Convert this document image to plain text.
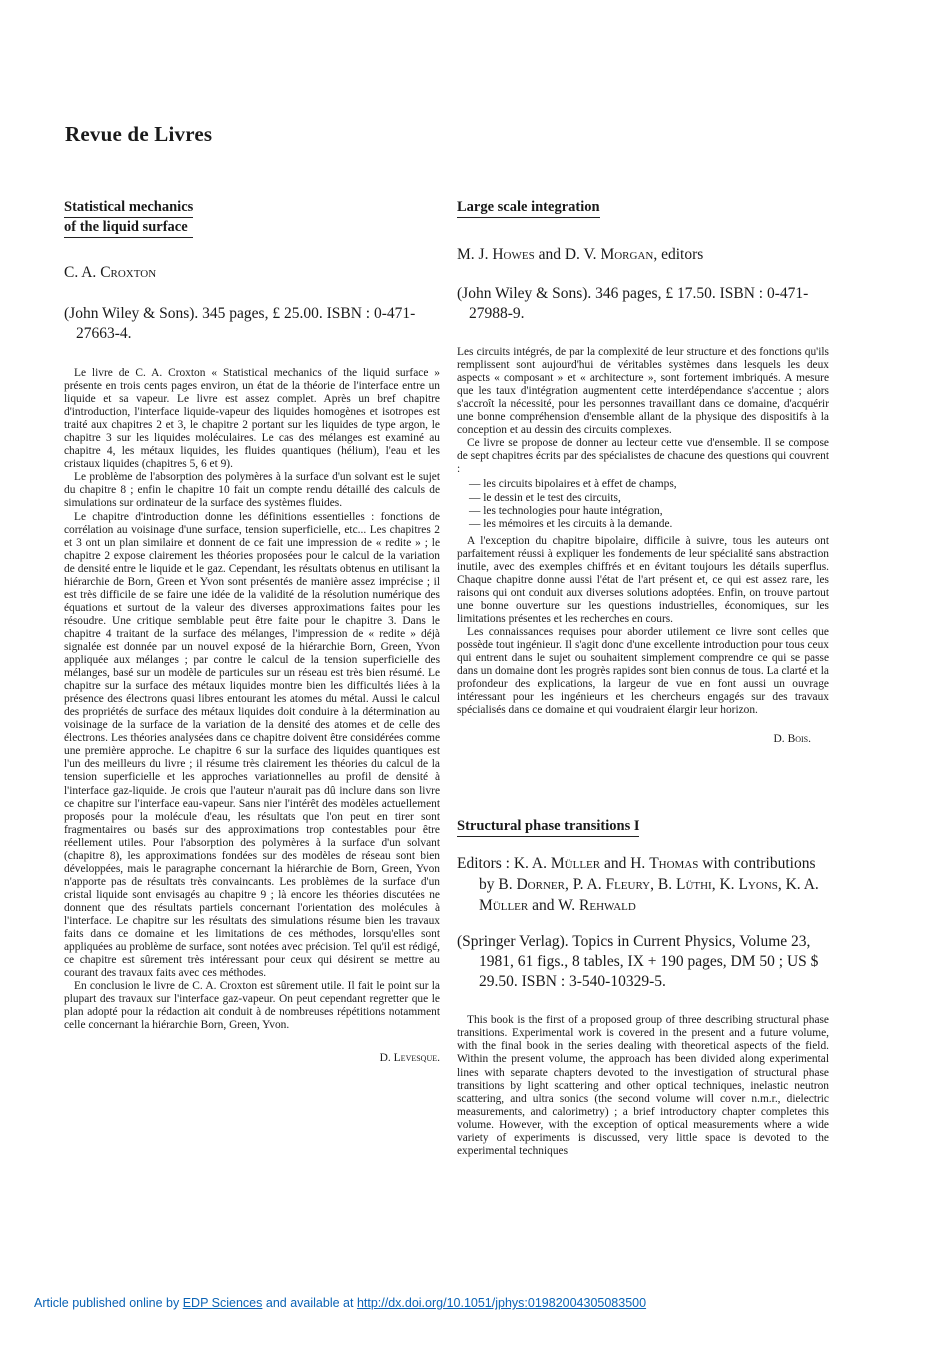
Revue de Livres
Statistical mechanics
of the liquid surface

C. A. Croxton

(John Wiley & Sons). 345 pages, £ 25.00. ISBN : 0-471-27663-4.

Le livre de C. A. Croxton « Statistical mechanics of the liquid surface » présente en trois cents pages environ, un état de la théorie de l'interface entre un liquide et sa vapeur. Le livre est assez complet. Après un bref chapitre d'introduction, l'interface liquide-vapeur des liquides homogènes et isotropes est traité aux chapitres 2 et 3, le chapitre 2 portant sur les liquides de type argon, le chapitre 3 sur les liquides moléculaires. Le cas des mélanges est examiné au chapitre 4, les métaux liquides, les fluides quantiques (hélium), l'eau et les cristaux liquides (chapitres 5, 6 et 9).

Le problème de l'absorption des polymères à la surface d'un solvant est le sujet du chapitre 8 ; enfin le chapitre 10 fait un compte rendu détaillé des calculs de simulations sur ordinateur de la surface des systèmes fluides.

Le chapitre d'introduction donne les définitions essentielles : fonctions de corrélation au voisinage d'une surface, tension superficielle, etc... Les chapitres 2 et 3 ont un plan similaire et donnent de ce fait une impression de « redite » ; le chapitre 2 expose clairement les théories proposées pour le calcul de la variation de densité entre le liquide et le gaz. Cependant, les résultats obtenus en utilisant la hiérarchie de Born, Green et Yvon sont présentés de manière assez imprécise ; il est très difficile de se faire une idée de la validité de la résolution numérique des équations et surtout de la valeur des diverses approximations faites pour les résoudre. Une critique semblable peut être faite pour le chapitre 3. Dans le chapitre 4 traitant de la surface des mélanges, l'impression de « redite » déjà signalée est donnée par un nouvel exposé de la hiérarchie Born, Green, Yvon appliquée aux mélanges ; par contre le calcul de la tension superficielle des mélanges, basé sur un modèle de particules sur un réseau est très bien résumé. Le chapitre sur la surface des métaux liquides montre bien les difficultés liées à la présence des électrons quasi libres entourant les atomes du métal. Aussi le calcul des propriétés de surface des métaux liquides doit conduire à la détermination au voisinage de la surface de la variation de la densité des atomes et de celle des électrons. Les théories analysées dans ce chapitre doivent être considérées comme une première approche. Le chapitre 6 sur la surface des liquides quantiques est l'un des meilleurs du livre ; il résume très clairement les théories du calcul de la tension superficielle et les approches variationnelles au profil de densité à l'interface gaz-liquide. Je crois que l'auteur n'aurait pas dû inclure dans son livre ce chapitre sur l'interface eau-vapeur. Sans nier l'intérêt des modèles actuellement proposés pour la molécule d'eau, les résultats que l'on peut en tirer sont fragmentaires ou basés sur des approximations trop contestables pour être réellement utiles. Pour l'absorption des polymères à la surface d'un solvant (chapitre 8), les approximations fondées sur des modèles de réseau sont bien développées, mais le paragraphe concernant la hiérarchie de Born, Green, Yvon n'apporte pas de résultats très convaincants. Les problèmes de la surface d'un cristal liquide sont envisagés au chapitre 9 ; là encore les théories discutées ne donnent que des résultats partiels concernant l'orientation des molécules à l'interface. Le chapitre sur les résultats des simulations résume bien les travaux faits dans ce domaine et les limitations de ces méthodes, lorsqu'elles sont appliquées au problème de surface, sont notées avec précision. Tel qu'il est rédigé, ce chapitre est sûrement très intéressant pour ceux qui désirent se mettre au courant des travaux faits avec ces méthodes.

En conclusion le livre de C. A. Croxton est sûrement utile. Il fait le point sur la plupart des travaux sur l'interface gaz-vapeur. On peut cependant regretter que le plan adopté pour la rédaction ait conduit à de nombreuses répétitions notamment celle concernant la hiérarchie Born, Green, Yvon.

D. Levesque.

Large scale integration

M. J. Howes and D. V. Morgan, editors

(John Wiley & Sons). 346 pages, £ 17.50. ISBN : 0-471-27988-9.

Les circuits intégrés, de par la complexité de leur structure et des fonctions qu'ils remplissent sont aujourd'hui de véritables systèmes dans lesquels les deux aspects « composant » et « architecture », sont fortement imbriqués. A mesure que les taux d'intégration augmentent cette interdépendance s'accentue ; alors s'accroît la nécessité, pour les personnes travaillant dans ce domaine, d'acquérir une bonne compréhension d'ensemble allant de la physique des dispositifs à la conception et au dessin des circuits complexes.

Ce livre se propose de donner au lecteur cette vue d'ensemble. Il se compose de sept chapitres écrits par des spécialistes de chacune des questions qui couvrent :

— les circuits bipolaires et à effet de champs,
— le dessin et le test des circuits,
— les technologies pour haute intégration,
— les mémoires et les circuits à la demande.

A l'exception du chapitre bipolaire, difficile à suivre, tous les auteurs ont parfaitement réussi à expliquer les fondements de leur spécialité sans abstraction inutile, avec des exemples chiffrés et en évitant toujours les détails superflus. Chaque chapitre donne aussi l'état de l'art présent et, ce qui est assez rare, les raisons qui ont conduit aux diverses solutions adoptées. Enfin, on trouve partout une bonne ouverture sur les questions industrielles, économiques, sur les limitations présentes et les recherches en cours.

Les connaissances requises pour aborder utilement ce livre sont celles que possède tout ingénieur. Il s'agit donc d'une excellente introduction pour tous ceux qui entrent dans le sujet ou souhaitent simplement comprendre ce qui se passe dans un domaine dont les progrès rapides sont bien connus de tous. La clarté et la profondeur des explications, la largeur de vue en font aussi un ouvrage intéressant pour les ingénieurs et les chercheurs engagés sur des travaux spécialisés dans ce domaine et qui voudraient élargir leur horizon.

D. Bois.

Structural phase transitions I

Editors : K. A. Müller and H. Thomas with contributions by B. Dorner, P. A. Fleury, B. Lüthi, K. Lyons, K. A. Müller and W. Rehwald

(Springer Verlag). Topics in Current Physics, Volume 23, 1981, 61 figs., 8 tables, IX + 190 pages, DM 50 ; US $ 29.50. ISBN : 3-540-10329-5.

This book is the first of a proposed group of three describing structural phase transitions. Experimental work is covered in the present and a future volume, with the final book in the series dealing with theoretical aspects of the field. Within the present volume, the approach has been divided along experimental lines with separate chapters devoted to the investigation of structural phase transitions by light scattering and other optical techniques, inelastic neutron scattering, and ultra sonics (the second volume will cover n.m.r., dielectric measurements, and calorimetry) ; a brief introductory chapter completes this volume. However, with the exception of optical measurements where a wide variety of experiments is discussed, very little space is devoted to the experimental techniques

Article published online by EDP Sciences and available at http://dx.doi.org/10.1051/jphys:01982004305083500
